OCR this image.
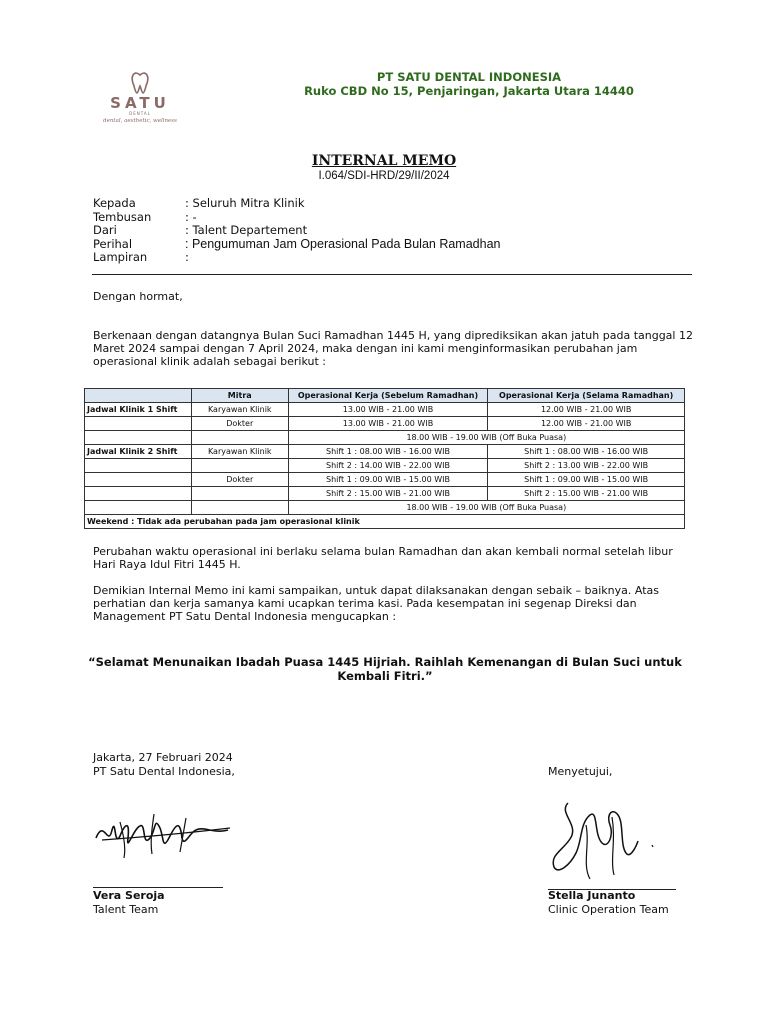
SATU
DENTAL
dental, aesthetic, wellness
PT SATU DENTAL INDONESIA
Ruko CBD No 15, Penjaringan, Jakarta Utara 14440
INTERNAL MEMO
I.064/SDI-HRD/29/II/2024
Kepada	: Seluruh Mitra Klinik
Tembusan	: -
Dari	: Talent Departement
Perihal	: Pengumuman Jam Operasional Pada Bulan Ramadhan
Lampiran	:
Dengan hormat,
Berkenaan dengan datangnya Bulan Suci Ramadhan 1445 H, yang diprediksikan akan jatuh pada tanggal 12 Maret 2024 sampai dengan 7 April 2024, maka dengan ini kami menginformasikan perubahan jam operasional klinik adalah sebagai berikut :
	Mitra	Operasional Kerja (Sebelum Ramadhan)	Operasional Kerja (Selama Ramadhan)
Jadwal Klinik 1 Shift	Karyawan Klinik	13.00 WIB - 21.00 WIB	12.00 WIB - 21.00 WIB
	Dokter	13.00 WIB - 21.00 WIB	12.00 WIB - 21.00 WIB
		18.00 WIB - 19.00 WIB (Off Buka Puasa)	
Jadwal Klinik 2 Shift	Karyawan Klinik	Shift 1 : 08.00 WIB - 16.00 WIB	Shift 1 : 08.00 WIB - 16.00 WIB
		Shift 2 : 14.00 WIB - 22.00 WIB	Shift 2 : 13.00 WIB - 22.00 WIB
	Dokter	Shift 1 : 09.00 WIB - 15.00 WIB	Shift 1 : 09.00 WIB - 15.00 WIB
		Shift 2 : 15.00 WIB - 21.00 WIB	Shift 2 : 15.00 WIB - 21.00 WIB
		18.00 WIB - 19.00 WIB (Off Buka Puasa)	
Weekend : Tidak ada perubahan pada jam operasional klinik			
Perubahan waktu operasional ini berlaku selama bulan Ramadhan dan akan kembali normal setelah libur Hari Raya Idul Fitri 1445 H.
Demikian Internal Memo ini kami sampaikan, untuk dapat dilaksanakan dengan sebaik – baiknya. Atas perhatian dan kerja samanya kami ucapkan terima kasi. Pada kesempatan ini segenap Direksi dan Management PT Satu Dental Indonesia mengucapkan :
“Selamat Menunaikan Ibadah Puasa 1445 Hijriah. Raihlah Kemenangan di Bulan Suci untuk Kembali Fitri.”
Jakarta, 27 Februari 2024
PT Satu Dental Indonesia,
Vera Seroja
Talent Team
Menyetujui,
Stella Junanto
Clinic Operation Team
